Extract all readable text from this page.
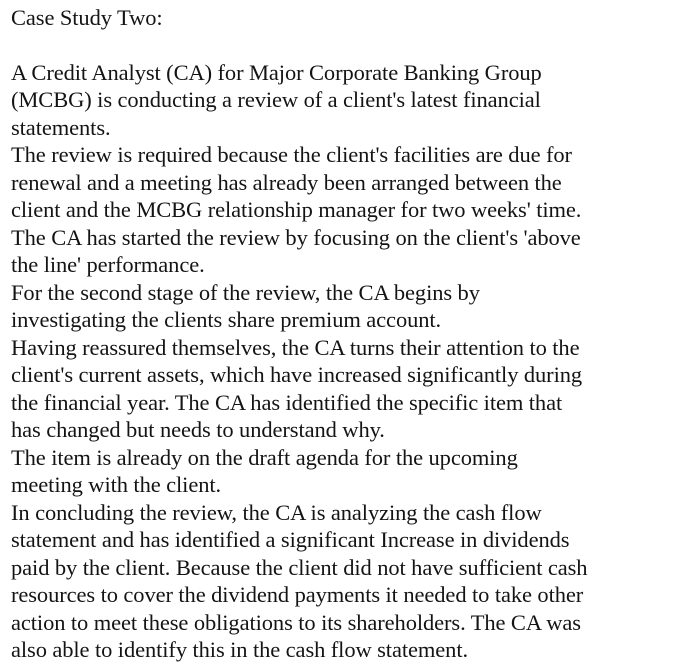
Case Study Two:
A Credit Analyst (CA) for Major Corporate Banking Group
(MCBG) is conducting a review of a client's latest financial
statements.
The review is required because the client's facilities are due for
renewal and a meeting has already been arranged between the
client and the MCBG relationship manager for two weeks' time.
The CA has started the review by focusing on the client's 'above
the line' performance.
For the second stage of the review, the CA begins by
investigating the clients share premium account.
Having reassured themselves, the CA turns their attention to the
client's current assets, which have increased significantly during
the financial year. The CA has identified the specific item that
has changed but needs to understand why.
The item is already on the draft agenda for the upcoming
meeting with the client.
In concluding the review, the CA is analyzing the cash flow
statement and has identified a significant Increase in dividends
paid by the client. Because the client did not have sufficient cash
resources to cover the dividend payments it needed to take other
action to meet these obligations to its shareholders. The CA was
also able to identify this in the cash flow statement.
